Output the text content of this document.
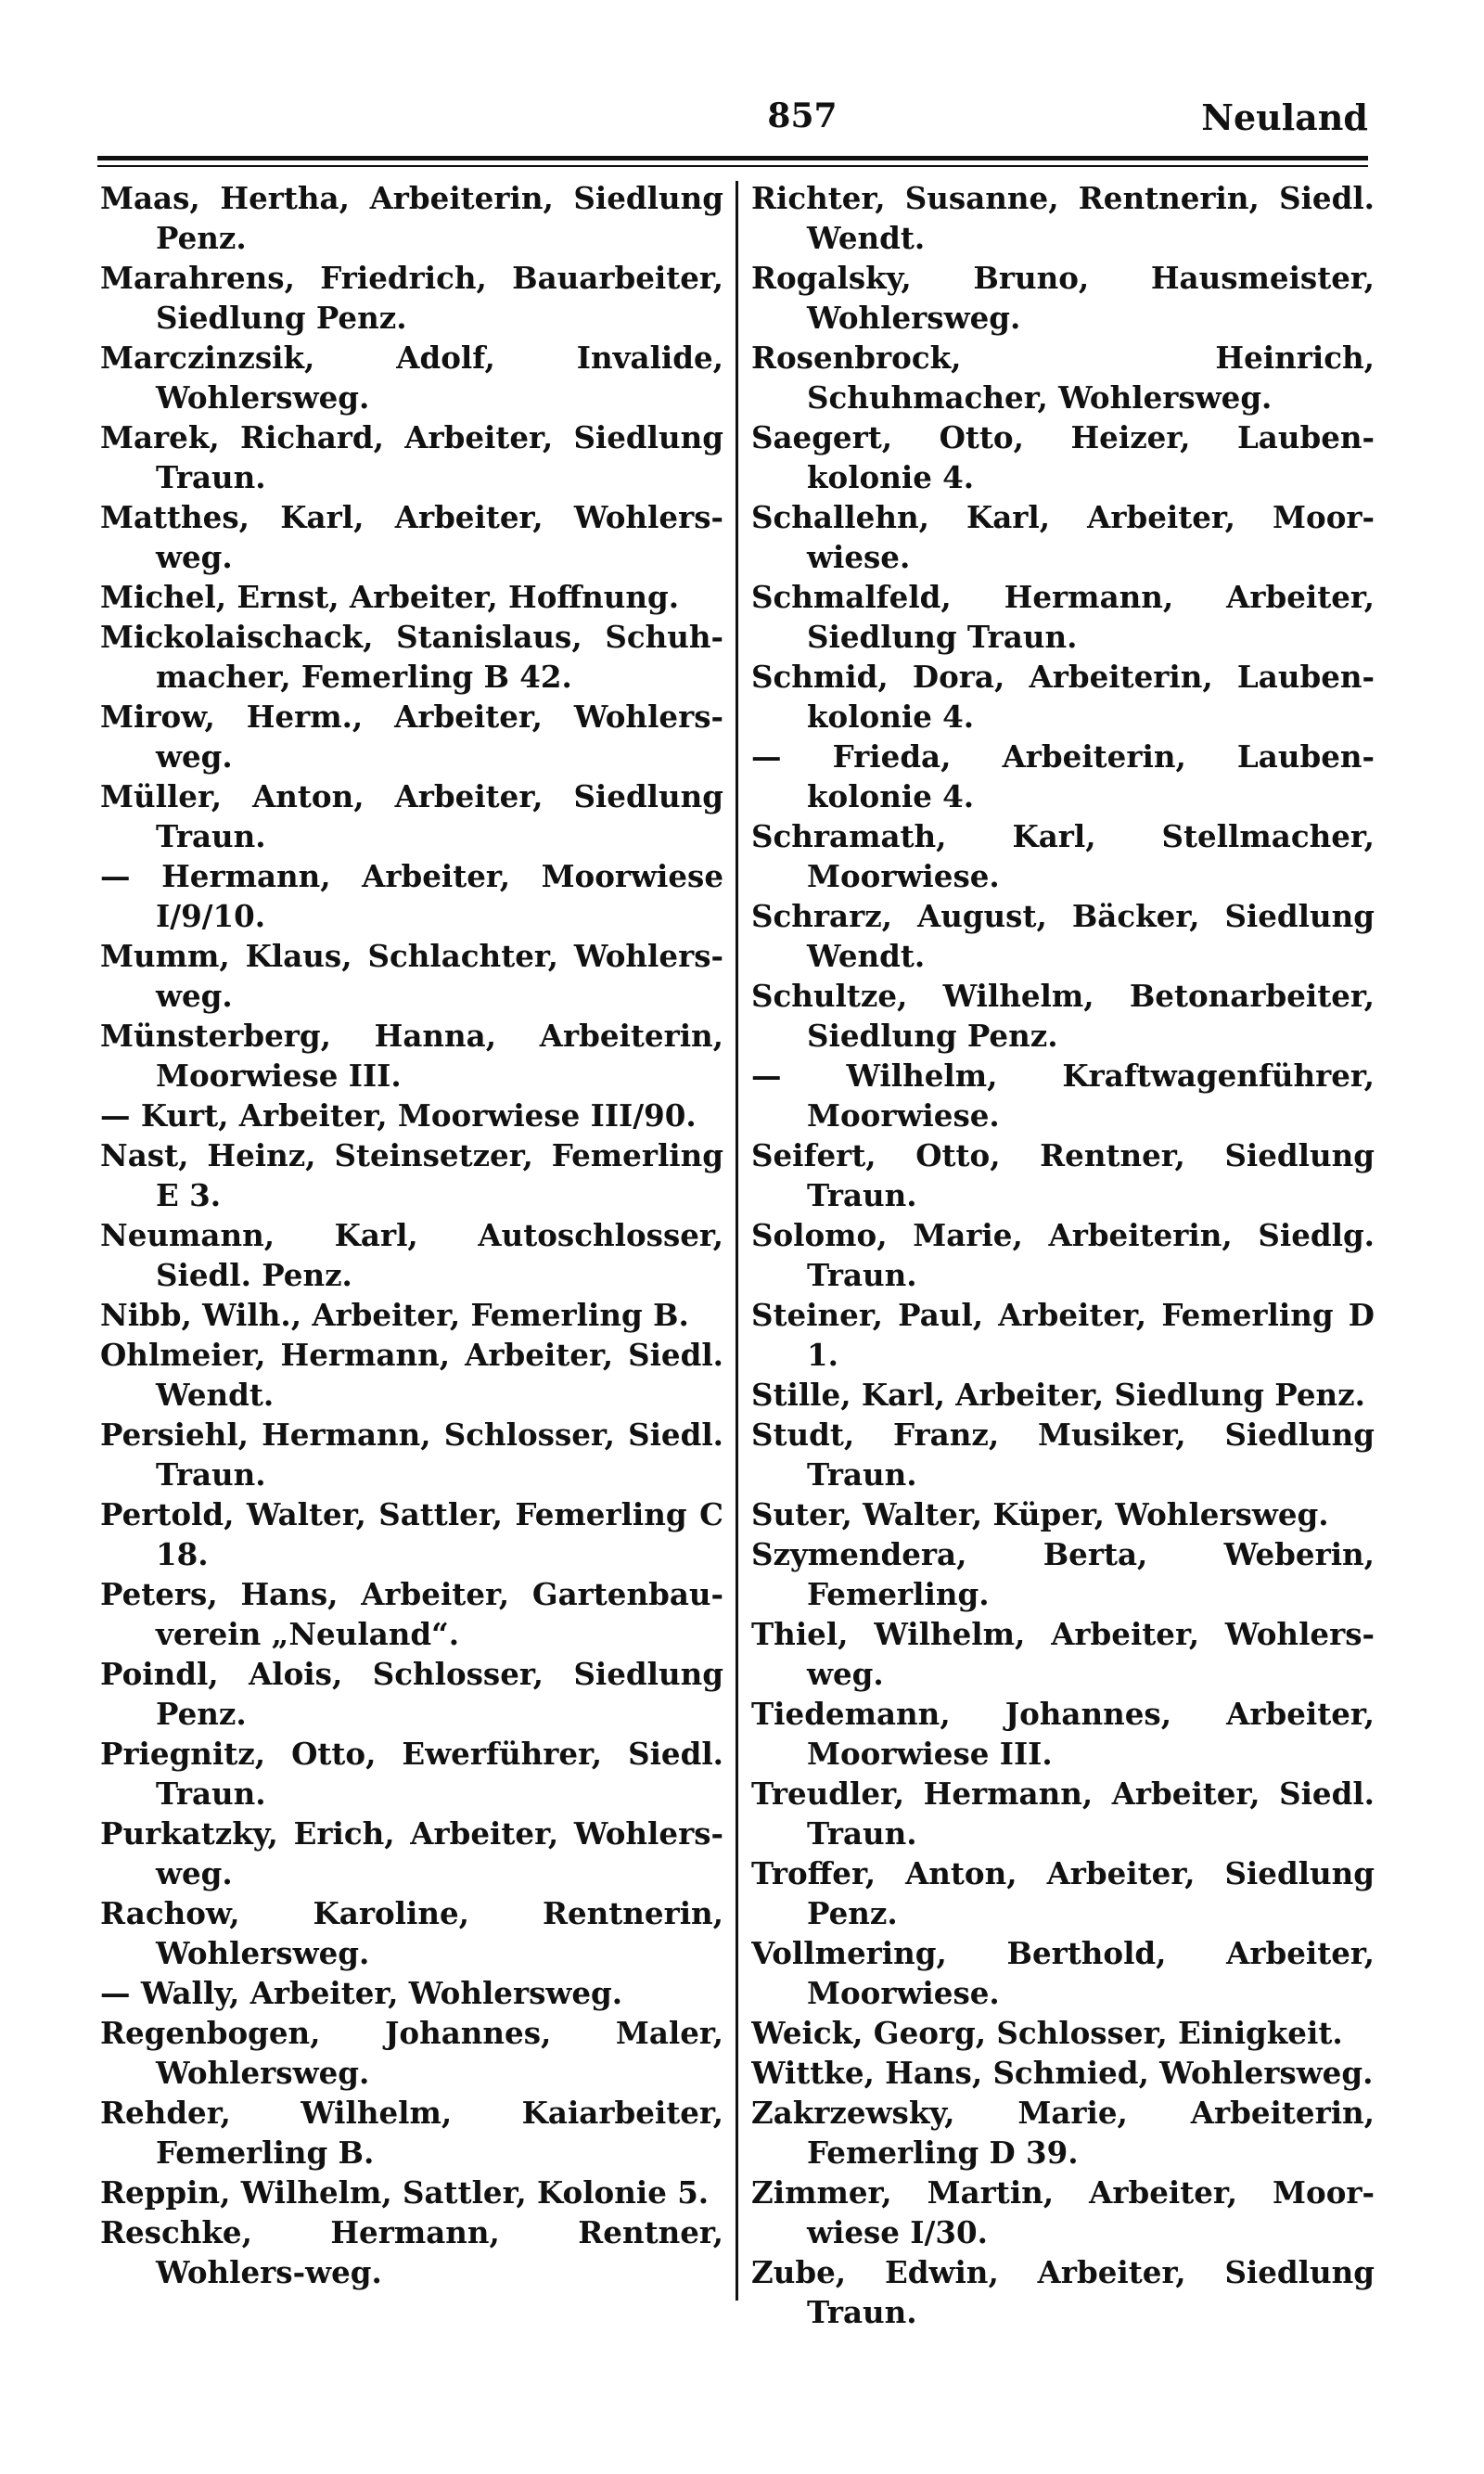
857	Neuland

Maas, Hertha, Arbeiterin, Siedlung Penz.

Marahrens, Friedrich, Bauarbeiter, Siedlung Penz.

Marczinzsik, Adolf, Invalide, Wohlersweg.

Marek, Richard, Arbeiter, Siedlung Traun.

Matthes, Karl, Arbeiter, Wohlers-weg.

Michel, Ernst, Arbeiter, Hoffnung.

Mickolaischack, Stanislaus, Schuh-macher, Femerling B 42.

Mirow, Herm., Arbeiter, Wohlers-weg.

Müller, Anton, Arbeiter, Siedlung Traun.

— Hermann, Arbeiter, Moorwiese I/9/10.

Mumm, Klaus, Schlachter, Wohlers-weg.

Münsterberg, Hanna, Arbeiterin, Moorwiese III.

— Kurt, Arbeiter, Moorwiese III/90.

Nast, Heinz, Steinsetzer, Femerling E 3.

Neumann, Karl, Autoschlosser, Siedl. Penz.

Nibb, Wilh., Arbeiter, Femerling B.

Ohlmeier, Hermann, Arbeiter, Siedl. Wendt.

Persiehl, Hermann, Schlosser, Siedl. Traun.

Pertold, Walter, Sattler, Femerling C 18.

Peters, Hans, Arbeiter, Gartenbau-verein „Neuland“.

Poindl, Alois, Schlosser, Siedlung Penz.

Priegnitz, Otto, Ewerführer, Siedl. Traun.

Purkatzky, Erich, Arbeiter, Wohlers-weg.

Rachow, Karoline, Rentnerin, Wohlersweg.

— Wally, Arbeiter, Wohlersweg.

Regenbogen, Johannes, Maler, Wohlersweg.

Rehder, Wilhelm, Kaiarbeiter, Femerling B.

Reppin, Wilhelm, Sattler, Kolonie 5.

Reschke, Hermann, Rentner, Wohlers-weg.

Richter, Susanne, Rentnerin, Siedl. Wendt.

Rogalsky, Bruno, Hausmeister, Wohlersweg.

Rosenbrock, Heinrich, Schuhmacher, Wohlersweg.

Saegert, Otto, Heizer, Lauben-kolonie 4.

Schallehn, Karl, Arbeiter, Moor-wiese.

Schmalfeld, Hermann, Arbeiter, Siedlung Traun.

Schmid, Dora, Arbeiterin, Lauben-kolonie 4.

— Frieda, Arbeiterin, Lauben-kolonie 4.

Schramath, Karl, Stellmacher, Moorwiese.

Schrarz, August, Bäcker, Siedlung Wendt.

Schultze, Wilhelm, Betonarbeiter, Siedlung Penz.

— Wilhelm, Kraftwagenführer, Moorwiese.

Seifert, Otto, Rentner, Siedlung Traun.

Solomo, Marie, Arbeiterin, Siedlg. Traun.

Steiner, Paul, Arbeiter, Femerling D 1.

Stille, Karl, Arbeiter, Siedlung Penz.

Studt, Franz, Musiker, Siedlung Traun.

Suter, Walter, Küper, Wohlersweg.

Szymendera, Berta, Weberin, Femerling.

Thiel, Wilhelm, Arbeiter, Wohlers-weg.

Tiedemann, Johannes, Arbeiter, Moorwiese III.

Treudler, Hermann, Arbeiter, Siedl. Traun.

Troffer, Anton, Arbeiter, Siedlung Penz.

Vollmering, Berthold, Arbeiter, Moorwiese.

Weick, Georg, Schlosser, Einigkeit.

Wittke, Hans, Schmied, Wohlersweg.

Zakrzewsky, Marie, Arbeiterin, Femerling D 39.

Zimmer, Martin, Arbeiter, Moor-wiese I/30.

Zube, Edwin, Arbeiter, Siedlung Traun.
